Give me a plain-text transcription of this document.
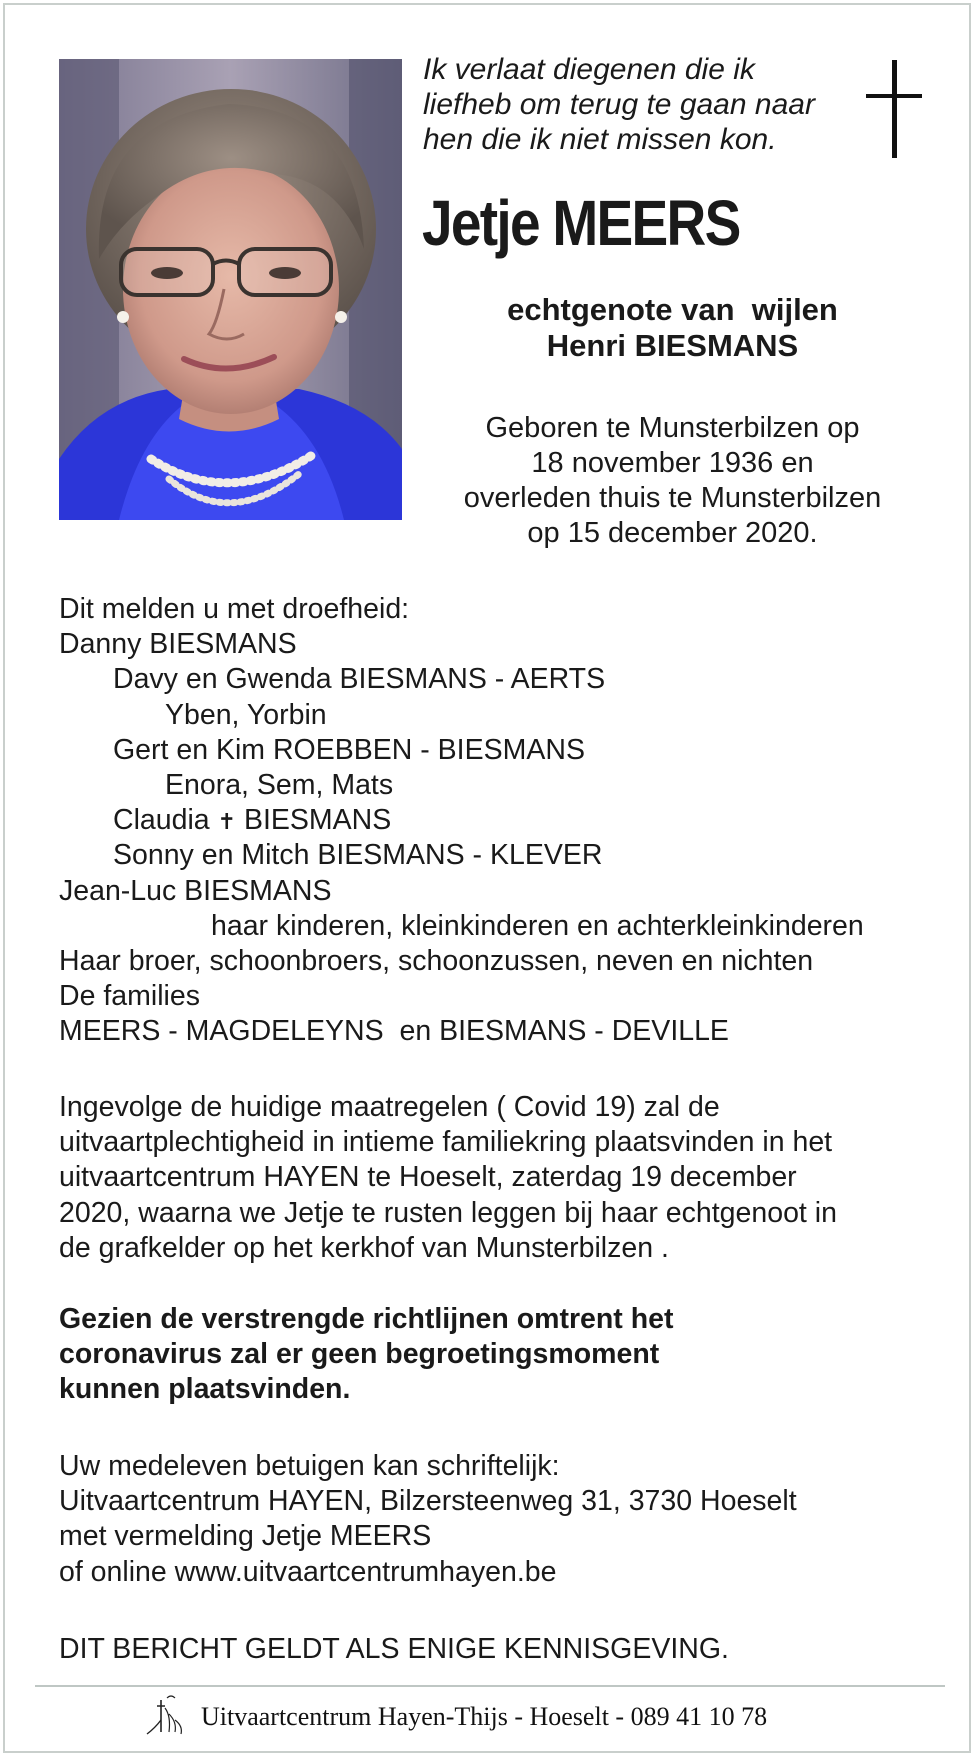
Ik verlaat diegenen die ik
liefheb om terug te gaan naar
hen die ik niet missen kon.
Jetje MEERS
echtgenote van  wijlen
Henri BIESMANS
Geboren te Munsterbilzen op
18 november 1936 en
overleden thuis te Munsterbilzen
op 15 december 2020.
Dit melden u met droefheid:
Danny BIESMANS
Davy en Gwenda BIESMANS - AERTS
Yben, Yorbin
Gert en Kim ROEBBEN - BIESMANS
Enora, Sem, Mats
Claudia ✝ BIESMANS
Sonny en Mitch BIESMANS - KLEVER
Jean-Luc BIESMANS
haar kinderen, kleinkinderen en achterkleinkinderen
Haar broer, schoonbroers, schoonzussen, neven en nichten
De families
MEERS - MAGDELEYNS  en BIESMANS - DEVILLE
Ingevolge de huidige maatregelen ( Covid 19) zal de
uitvaartplechtigheid in intieme familiekring plaatsvinden in het
uitvaartcentrum HAYEN te Hoeselt, zaterdag 19 december
2020, waarna we Jetje te rusten leggen bij haar echtgenoot in
de grafkelder op het kerkhof van Munsterbilzen .
Gezien de verstrengde richtlijnen omtrent het
coronavirus zal er geen begroetingsmoment
kunnen plaatsvinden.
Uw medeleven betuigen kan schriftelijk:
Uitvaartcentrum HAYEN, Bilzersteenweg 31, 3730 Hoeselt
met vermelding Jetje MEERS
of online www.uitvaartcentrumhayen.be
DIT BERICHT GELDT ALS ENIGE KENNISGEVING.
Uitvaartcentrum Hayen-Thijs - Hoeselt - 089 41 10 78
